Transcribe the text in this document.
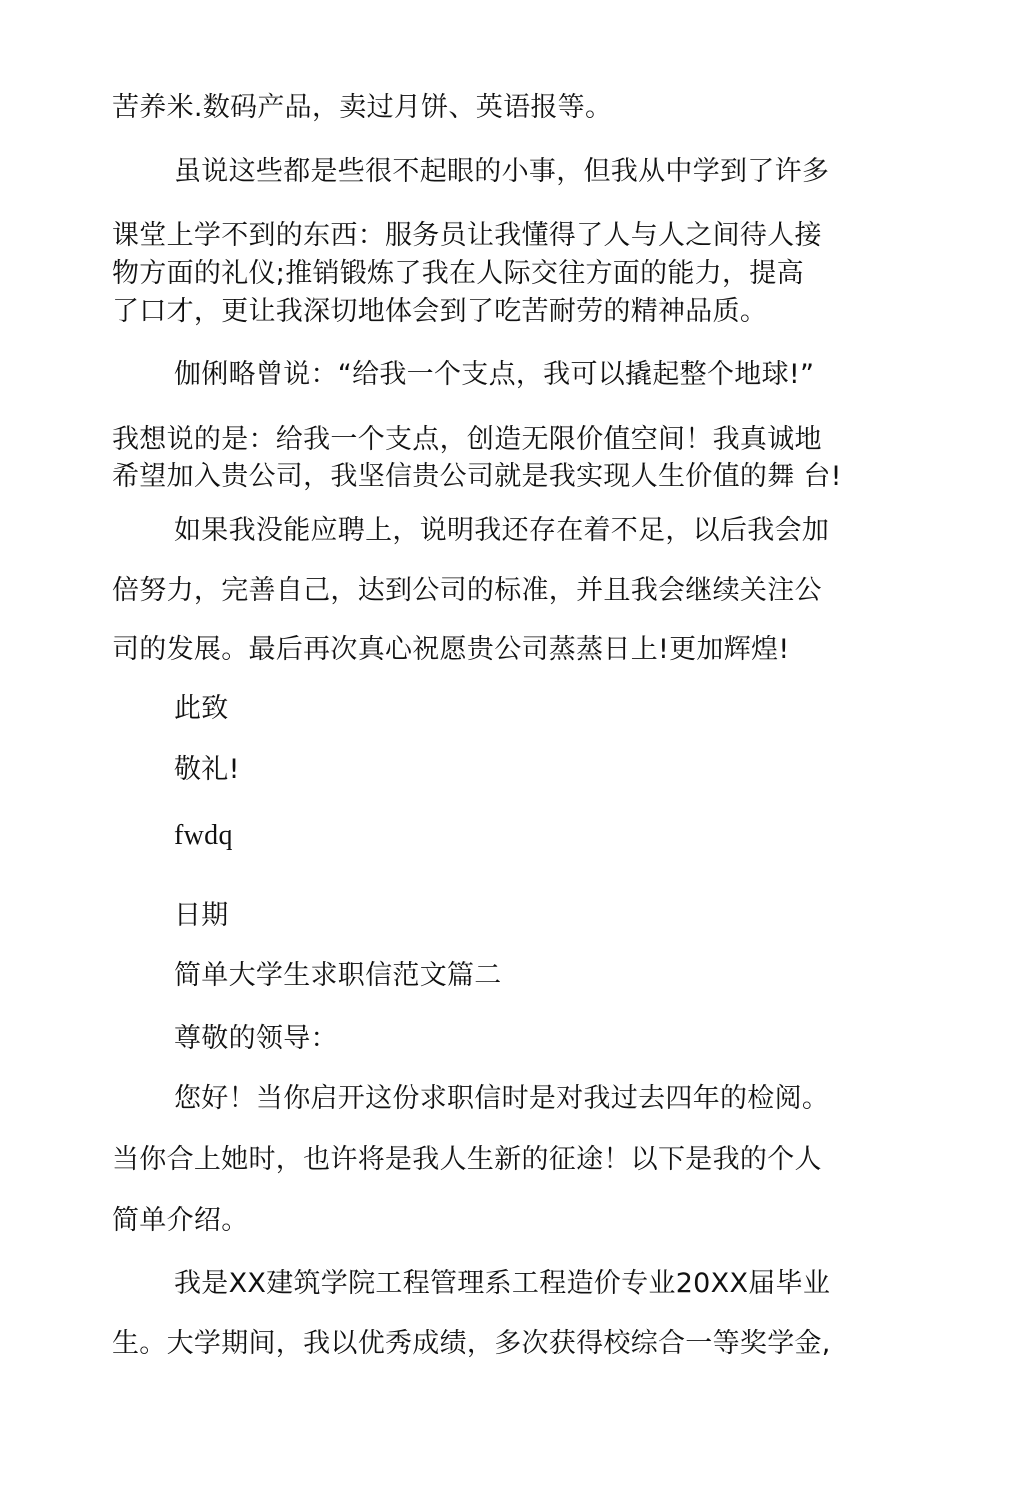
苦养米.数码产品，卖过月饼、英语报等。
虽说这些都是些很不起眼的小事，但我从中学到了许多
课堂上学不到的东西：服务员让我懂得了人与人之间待人接
物方面的礼仪;推销锻炼了我在人际交往方面的能力，提高
了口才，更让我深切地体会到了吃苦耐劳的精神品质。
伽俐略曾说：“给我一个支点，我可以撬起整个地球!”
我想说的是：给我一个支点，创造无限价值空间！我真诚地
希望加入贵公司，我坚信贵公司就是我实现人生价值的舞 台!
如果我没能应聘上，说明我还存在着不足，以后我会加
倍努力，完善自己，达到公司的标准，并且我会继续关注公
司的发展。最后再次真心祝愿贵公司蒸蒸日上!更加辉煌!
此致
敬礼!
fwdq
日期
简单大学生求职信范文篇二
尊敬的领导：
您好！当你启开这份求职信时是对我过去四年的检阅。
当你合上她时，也许将是我人生新的征途！以下是我的个人
简单介绍。
我是XX建筑学院工程管理系工程造价专业20XX届毕业
生。大学期间，我以优秀成绩，多次获得校综合一等奖学金,
